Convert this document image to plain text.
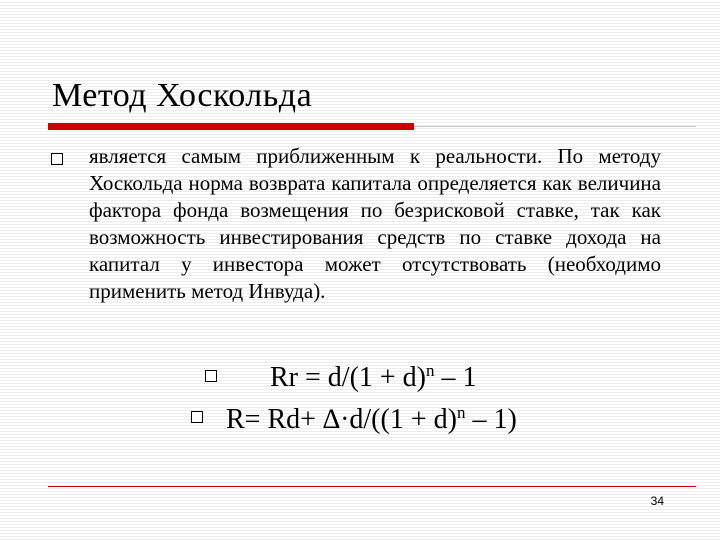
Метод Хоскольда
является самым приближенным к реальности. По методу Хоскольда норма возврата капитала определяется как величина фактора фонда возмещения по безрисковой ставке, так как возможность инвестирования средств по ставке дохода на капитал у инвестора может отсутствовать (необходимо применить метод Инвуда).
$Rr = d/(1 + d)^n - 1$
$R= Rd+ \Delta\cdot d/((1 + d)^n - 1)$
34
